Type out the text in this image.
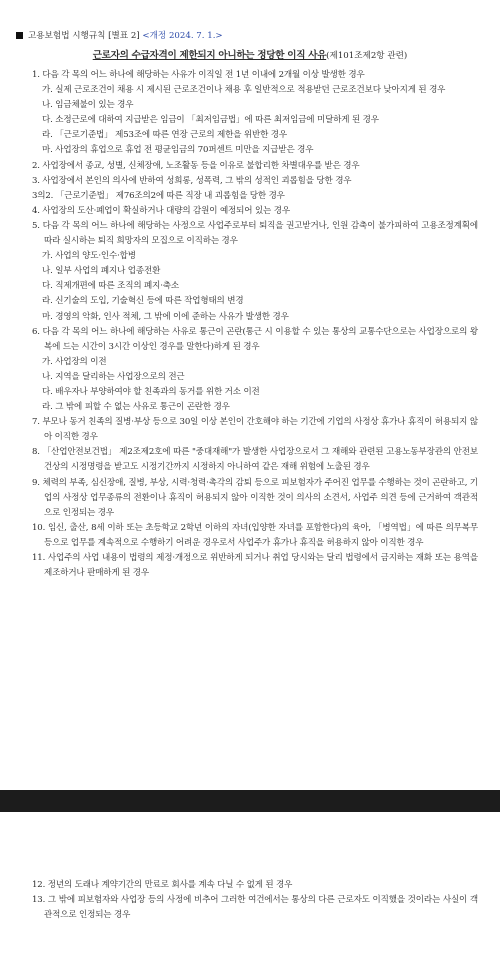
고용보험법 시행규칙 [별표 2] <개정 2024. 7. 1.>
근로자의 수급자격이 제한되지 아니하는 정당한 이직 사유(제101조제2항 관련)

1. 다음 각 목의 어느 하나에 해당하는 사유가 이직일 전 1년 이내에 2개월 이상 발생한 경우

가. 실제 근로조건이 채용 시 제시된 근로조건이나 채용 후 일반적으로 적용받던 근로조건보다 낮아지게 된 경우

나. 임금체불이 있는 경우

다. 소정근로에 대하여 지급받은 임금이 「최저임금법」에 따른 최저임금에 미달하게 된 경우

라. 「근로기준법」 제53조에 따른 연장 근로의 제한을 위반한 경우

마. 사업장의 휴업으로 휴업 전 평균임금의 70퍼센트 미만을 지급받은 경우

2. 사업장에서 종교, 성별, 신체장애, 노조활동 등을 이유로 불합리한 차별대우를 받은 경우

3. 사업장에서 본인의 의사에 반하여 성희롱, 성폭력, 그 밖의 성적인 괴롭힘을 당한 경우

3의2. 「근로기준법」 제76조의2에 따른 직장 내 괴롭힘을 당한 경우

4. 사업장의 도산·폐업이 확실하거나 대량의 감원이 예정되어 있는 경우

5. 다음 각 목의 어느 하나에 해당하는 사정으로 사업주로부터 퇴직을 권고받거나, 인원 감축이 불가피하여 고용조정계획에 따라 실시하는 퇴직 희망자의 모집으로 이직하는 경우

가. 사업의 양도·인수·합병

나. 일부 사업의 폐지나 업종전환

다. 직제개편에 따른 조직의 폐지·축소

라. 신기술의 도입, 기술혁신 등에 따른 작업형태의 변경

마. 경영의 악화, 인사 적체, 그 밖에 이에 준하는 사유가 발생한 경우

6. 다음 각 목의 어느 하나에 해당하는 사유로 통근이 곤란(통근 시 이용할 수 있는 통상의 교통수단으로는 사업장으로의 왕복에 드는 시간이 3시간 이상인 경우를 말한다)하게 된 경우

가. 사업장의 이전

나. 지역을 달리하는 사업장으로의 전근

다. 배우자나 부양하여야 할 친족과의 동거를 위한 거소 이전

라. 그 밖에 피할 수 없는 사유로 통근이 곤란한 경우

7. 부모나 동거 친족의 질병·부상 등으로 30일 이상 본인이 간호해야 하는 기간에 기업의 사정상 휴가나 휴직이 허용되지 않아 이직한 경우

8. 「산업안전보건법」 제2조제2호에 따른 "중대재해"가 발생한 사업장으로서 그 재해와 관련된 고용노동부장관의 안전보건상의 시정명령을 받고도 시정기간까지 시정하지 아니하여 같은 재해 위험에 노출된 경우

9. 체력의 부족, 심신장애, 질병, 부상, 시력·청력·촉각의 감퇴 등으로 피보험자가 주어진 업무를 수행하는 것이 곤란하고, 기업의 사정상 업무종류의 전환이나 휴직이 허용되지 않아 이직한 것이 의사의 소견서, 사업주 의견 등에 근거하여 객관적으로 인정되는 경우

10. 임신, 출산, 8세 이하 또는 초등학교 2학년 이하의 자녀(입양한 자녀를 포함한다)의 육아, 「병역법」에 따른 의무복무 등으로 업무를 계속적으로 수행하기 어려운 경우로서 사업주가 휴가나 휴직을 허용하지 않아 이직한 경우

11. 사업주의 사업 내용이 법령의 제정·개정으로 위반하게 되거나 취업 당시와는 달리 법령에서 금지하는 재화 또는 용역을 제조하거나 판매하게 된 경우

12. 정년의 도래나 계약기간의 만료로 회사를 계속 다닐 수 없게 된 경우

13. 그 밖에 피보험자와 사업장 등의 사정에 비추어 그러한 여건에서는 통상의 다른 근로자도 이직했을 것이라는 사실이 객관적으로 인정되는 경우
